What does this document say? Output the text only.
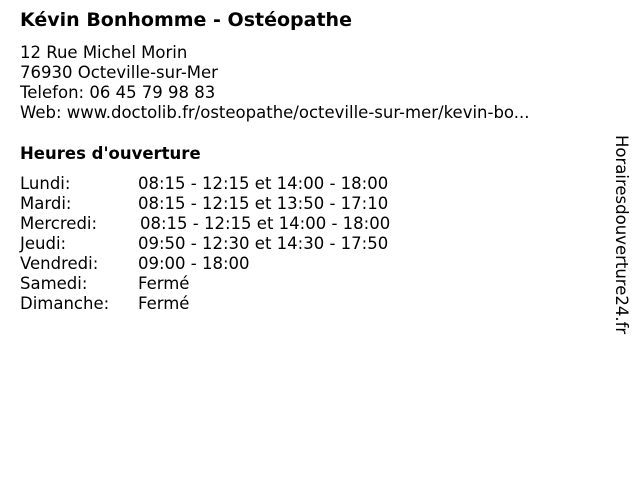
Kévin Bonhomme - Ostéopathe
12 Rue Michel Morin
76930 Octeville-sur-Mer
Telefon: 06 45 79 98 83
Web: www.doctolib.fr/osteopathe/octeville-sur-mer/kevin-bo...
Heures d'ouverture
Lundi:	08:15 - 12:15 et 14:00 - 18:00
Mardi:	08:15 - 12:15 et 13:50 - 17:10
Mercredi:	08:15 - 12:15 et 14:00 - 18:00
Jeudi:	09:50 - 12:30 et 14:30 - 17:50
Vendredi: 09:00 - 18:00
Samedi:	Fermé
Dimanche: Fermé	Horairesdouverture24.fr
